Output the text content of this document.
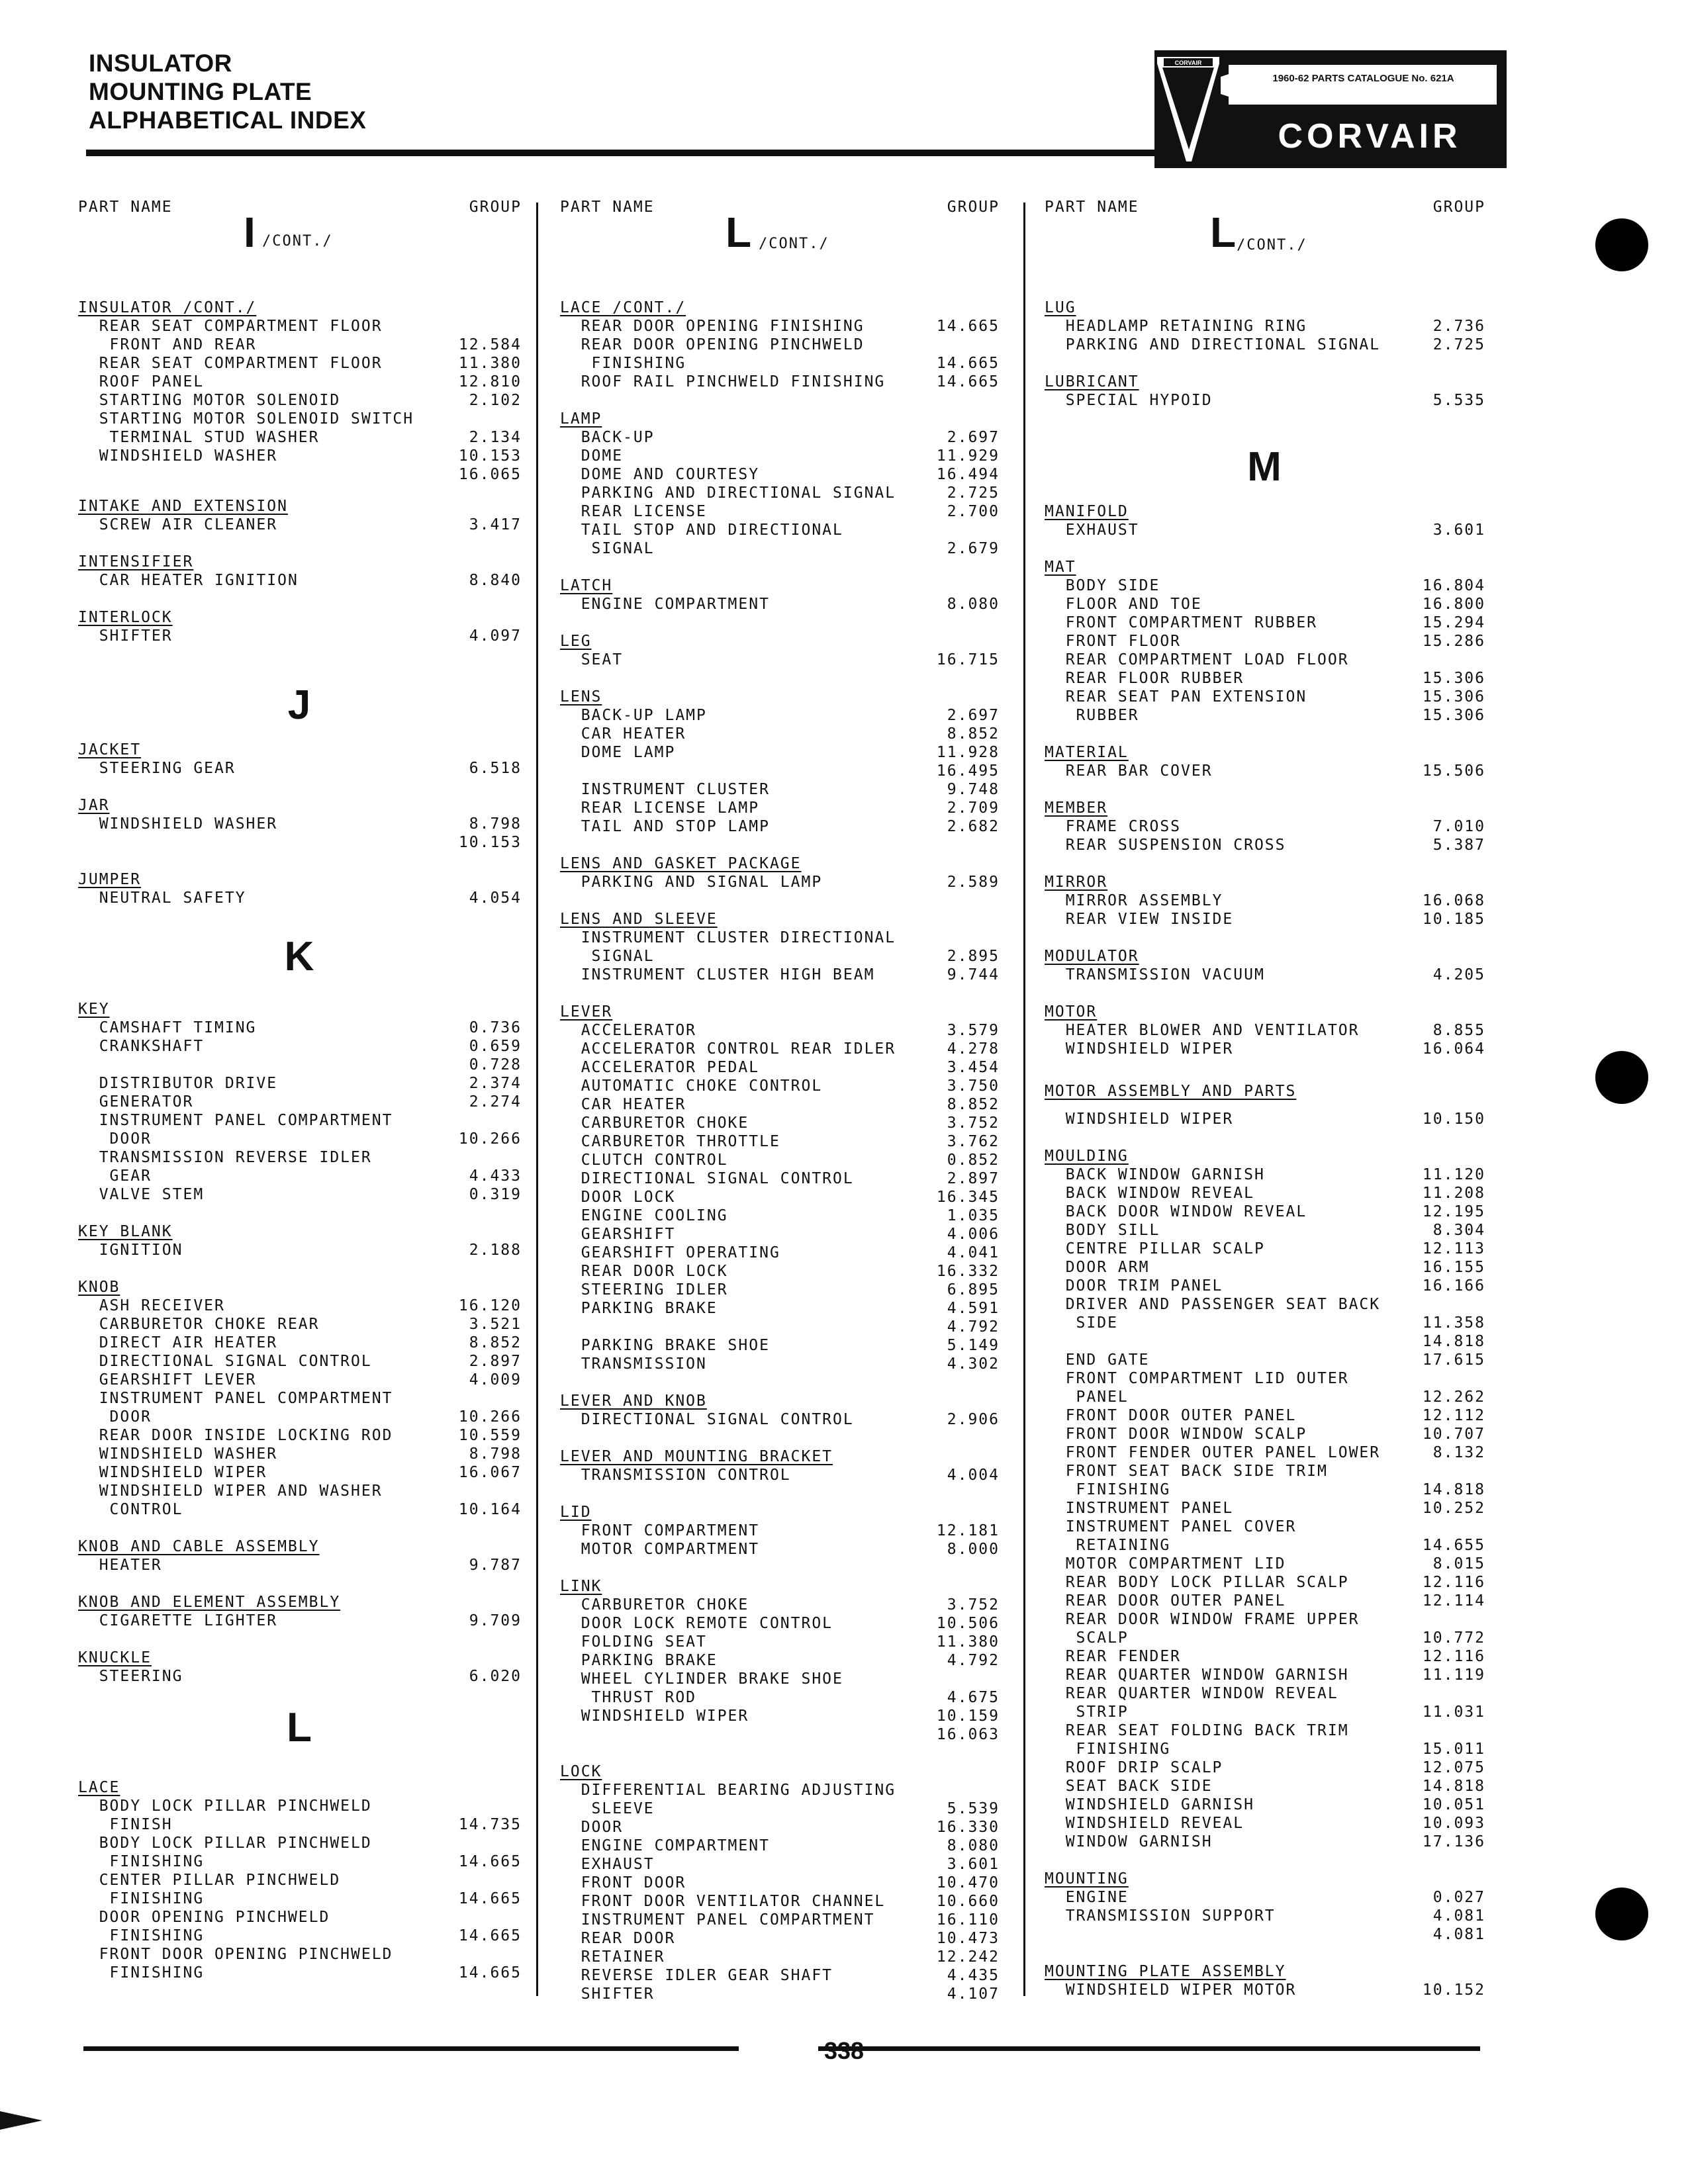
INSULATOR
MOUNTING PLATE
ALPHABETICAL INDEX
CORVAIR
1960-62 PARTS CATALOGUE No. 621A
CORVAIR
PART NAME	GROUP
I /CONT./
INSULATOR /CONT./
REAR SEAT COMPARTMENT FLOOR
FRONT AND REAR	12.584
REAR SEAT COMPARTMENT FLOOR	11.380
ROOF PANEL	12.810
STARTING MOTOR SOLENOID	2.102
STARTING MOTOR SOLENOID SWITCH
TERMINAL STUD WASHER	2.134
WINDSHIELD WASHER	10.153
16.065
INTAKE AND EXTENSION
SCREW AIR CLEANER	3.417
INTENSIFIER
CAR HEATER IGNITION	8.840
INTERLOCK
SHIFTER	4.097
JACKET
STEERING GEAR	6.518
JAR
WINDSHIELD WASHER	8.798
10.153
JUMPER
NEUTRAL SAFETY	4.054
KEY
CAMSHAFT TIMING	0.736
CRANKSHAFT	0.659
0.728
DISTRIBUTOR DRIVE	2.374
GENERATOR	2.274
INSTRUMENT PANEL COMPARTMENT
DOOR	10.266
TRANSMISSION REVERSE IDLER
GEAR	4.433
VALVE STEM	0.319
KEY BLANK
IGNITION	2.188
KNOB
ASH RECEIVER	16.120
CARBURETOR CHOKE REAR	3.521
DIRECT AIR HEATER	8.852
DIRECTIONAL SIGNAL CONTROL	2.897
GEARSHIFT LEVER	4.009
INSTRUMENT PANEL COMPARTMENT
DOOR	10.266
REAR DOOR INSIDE LOCKING ROD	10.559
WINDSHIELD WASHER	8.798
WINDSHIELD WIPER	16.067
WINDSHIELD WIPER AND WASHER
CONTROL	10.164
KNOB AND CABLE ASSEMBLY
HEATER	9.787
KNOB AND ELEMENT ASSEMBLY
CIGARETTE LIGHTER	9.709
KNUCKLE
STEERING	6.020
LACE
BODY LOCK PILLAR PINCHWELD
FINISH	14.735
BODY LOCK PILLAR PINCHWELD
FINISHING	14.665
CENTER PILLAR PINCHWELD
FINISHING	14.665
DOOR OPENING PINCHWELD
FINISHING	14.665
FRONT DOOR OPENING PINCHWELD
FINISHING	14.665
J
K
L
PART NAME	GROUP
L /CONT./
LACE /CONT./
REAR DOOR OPENING FINISHING	14.665
REAR DOOR OPENING PINCHWELD
FINISHING	14.665
ROOF RAIL PINCHWELD FINISHING	14.665
LAMP
BACK-UP	2.697
DOME	11.929
DOME AND COURTESY	16.494
PARKING AND DIRECTIONAL SIGNAL	2.725
REAR LICENSE	2.700
TAIL STOP AND DIRECTIONAL
SIGNAL	2.679
LATCH
ENGINE COMPARTMENT	8.080
LEG
SEAT	16.715
LENS
BACK-UP LAMP	2.697
CAR HEATER	8.852
DOME LAMP	11.928
16.495
INSTRUMENT CLUSTER	9.748
REAR LICENSE LAMP	2.709
TAIL AND STOP LAMP	2.682
LENS AND GASKET PACKAGE
PARKING AND SIGNAL LAMP	2.589
LENS AND SLEEVE
INSTRUMENT CLUSTER DIRECTIONAL
SIGNAL	2.895
INSTRUMENT CLUSTER HIGH BEAM	9.744
LEVER
ACCELERATOR	3.579
ACCELERATOR CONTROL REAR IDLER	4.278
ACCELERATOR PEDAL	3.454
AUTOMATIC CHOKE CONTROL	3.750
CAR HEATER	8.852
CARBURETOR CHOKE	3.752
CARBURETOR THROTTLE	3.762
CLUTCH CONTROL	0.852
DIRECTIONAL SIGNAL CONTROL	2.897
DOOR LOCK	16.345
ENGINE COOLING	1.035
GEARSHIFT	4.006
GEARSHIFT OPERATING	4.041
REAR DOOR LOCK	16.332
STEERING IDLER	6.895
PARKING BRAKE	4.591
4.792
PARKING BRAKE SHOE	5.149
TRANSMISSION	4.302
LEVER AND KNOB
DIRECTIONAL SIGNAL CONTROL	2.906
LEVER AND MOUNTING BRACKET
TRANSMISSION CONTROL	4.004
LID
FRONT COMPARTMENT	12.181
MOTOR COMPARTMENT	8.000
LINK
CARBURETOR CHOKE	3.752
DOOR LOCK REMOTE CONTROL	10.506
FOLDING SEAT	11.380
PARKING BRAKE	4.792
WHEEL CYLINDER BRAKE SHOE
THRUST ROD	4.675
WINDSHIELD WIPER	10.159
16.063
LOCK
DIFFERENTIAL BEARING ADJUSTING
SLEEVE	5.539
DOOR	16.330
ENGINE COMPARTMENT	8.080
EXHAUST	3.601
FRONT DOOR	10.470
FRONT DOOR VENTILATOR CHANNEL	10.660
INSTRUMENT PANEL COMPARTMENT	16.110
REAR DOOR	10.473
RETAINER	12.242
REVERSE IDLER GEAR SHAFT	4.435
SHIFTER	4.107
PART NAME	GROUP
L
/CONT./
LUG
HEADLAMP RETAINING RING	2.736
PARKING AND DIRECTIONAL SIGNAL	2.725
LUBRICANT
SPECIAL HYPOID	5.535
MANIFOLD
EXHAUST	3.601
MAT
BODY SIDE	16.804
FLOOR AND TOE	16.800
FRONT COMPARTMENT RUBBER	15.294
FRONT FLOOR	15.286
REAR COMPARTMENT LOAD FLOOR
REAR FLOOR RUBBER	15.306
REAR SEAT PAN EXTENSION	15.306
RUBBER	15.306
MATERIAL
REAR BAR COVER	15.506
MEMBER
FRAME CROSS	7.010
REAR SUSPENSION CROSS	5.387
MIRROR
MIRROR ASSEMBLY	16.068
REAR VIEW INSIDE	10.185
MODULATOR
TRANSMISSION VACUUM	4.205
MOTOR
HEATER BLOWER AND VENTILATOR	8.855
WINDSHIELD WIPER	16.064
MOTOR ASSEMBLY AND PARTS
WINDSHIELD WIPER	10.150
MOULDING
BACK WINDOW GARNISH	11.120
BACK WINDOW REVEAL	11.208
BACK DOOR WINDOW REVEAL	12.195
BODY SILL	8.304
CENTRE PILLAR SCALP	12.113
DOOR ARM	16.155
DOOR TRIM PANEL	16.166
DRIVER AND PASSENGER SEAT BACK
SIDE	11.358
14.818
END GATE	17.615
FRONT COMPARTMENT LID OUTER
PANEL	12.262
FRONT DOOR OUTER PANEL	12.112
FRONT DOOR WINDOW SCALP	10.707
FRONT FENDER OUTER PANEL LOWER	8.132
FRONT SEAT BACK SIDE TRIM
FINISHING	14.818
INSTRUMENT PANEL	10.252
INSTRUMENT PANEL COVER
RETAINING	14.655
MOTOR COMPARTMENT LID	8.015
REAR BODY LOCK PILLAR SCALP	12.116
REAR DOOR OUTER PANEL	12.114
REAR DOOR WINDOW FRAME UPPER
SCALP	10.772
REAR FENDER	12.116
REAR QUARTER WINDOW GARNISH	11.119
REAR QUARTER WINDOW REVEAL
STRIP	11.031
REAR SEAT FOLDING BACK TRIM
FINISHING	15.011
ROOF DRIP SCALP	12.075
SEAT BACK SIDE	14.818
WINDSHIELD GARNISH	10.051
WINDSHIELD REVEAL	10.093
WINDOW GARNISH	17.136
MOUNTING
ENGINE	0.027
TRANSMISSION SUPPORT	4.081
4.081
MOUNTING PLATE ASSEMBLY
WINDSHIELD WIPER MOTOR	10.152
M
